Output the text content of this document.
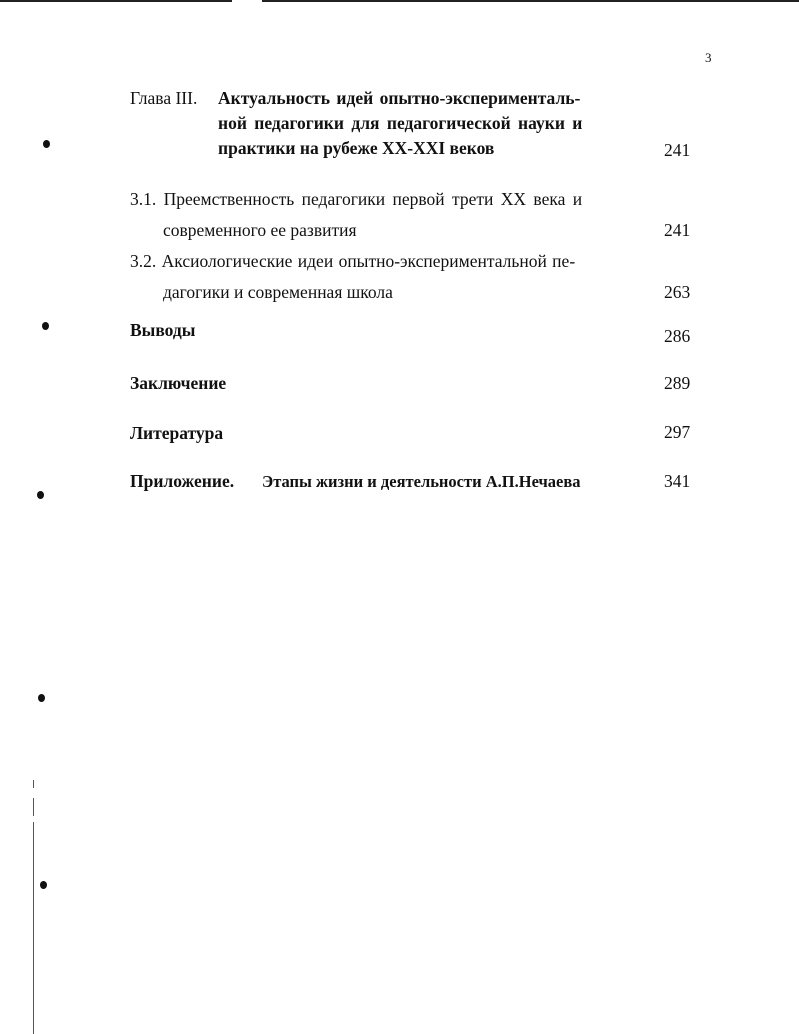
3
Глава III. Актуальность идей опытно-эксперименталь-
ной педагогики для педагогической науки и
практики на рубеже XX-XXI веков	241
3.1. Преемственность педагогики первой трети XX века и
современного ее развития	241
3.2. Аксиологические идеи опытно-экспериментальной пе-
дагогики и современная школа	263
Выводы	286
Заключение	289
Литература	297
Приложение. Этапы жизни и деятельности А.П.Нечаева	341
